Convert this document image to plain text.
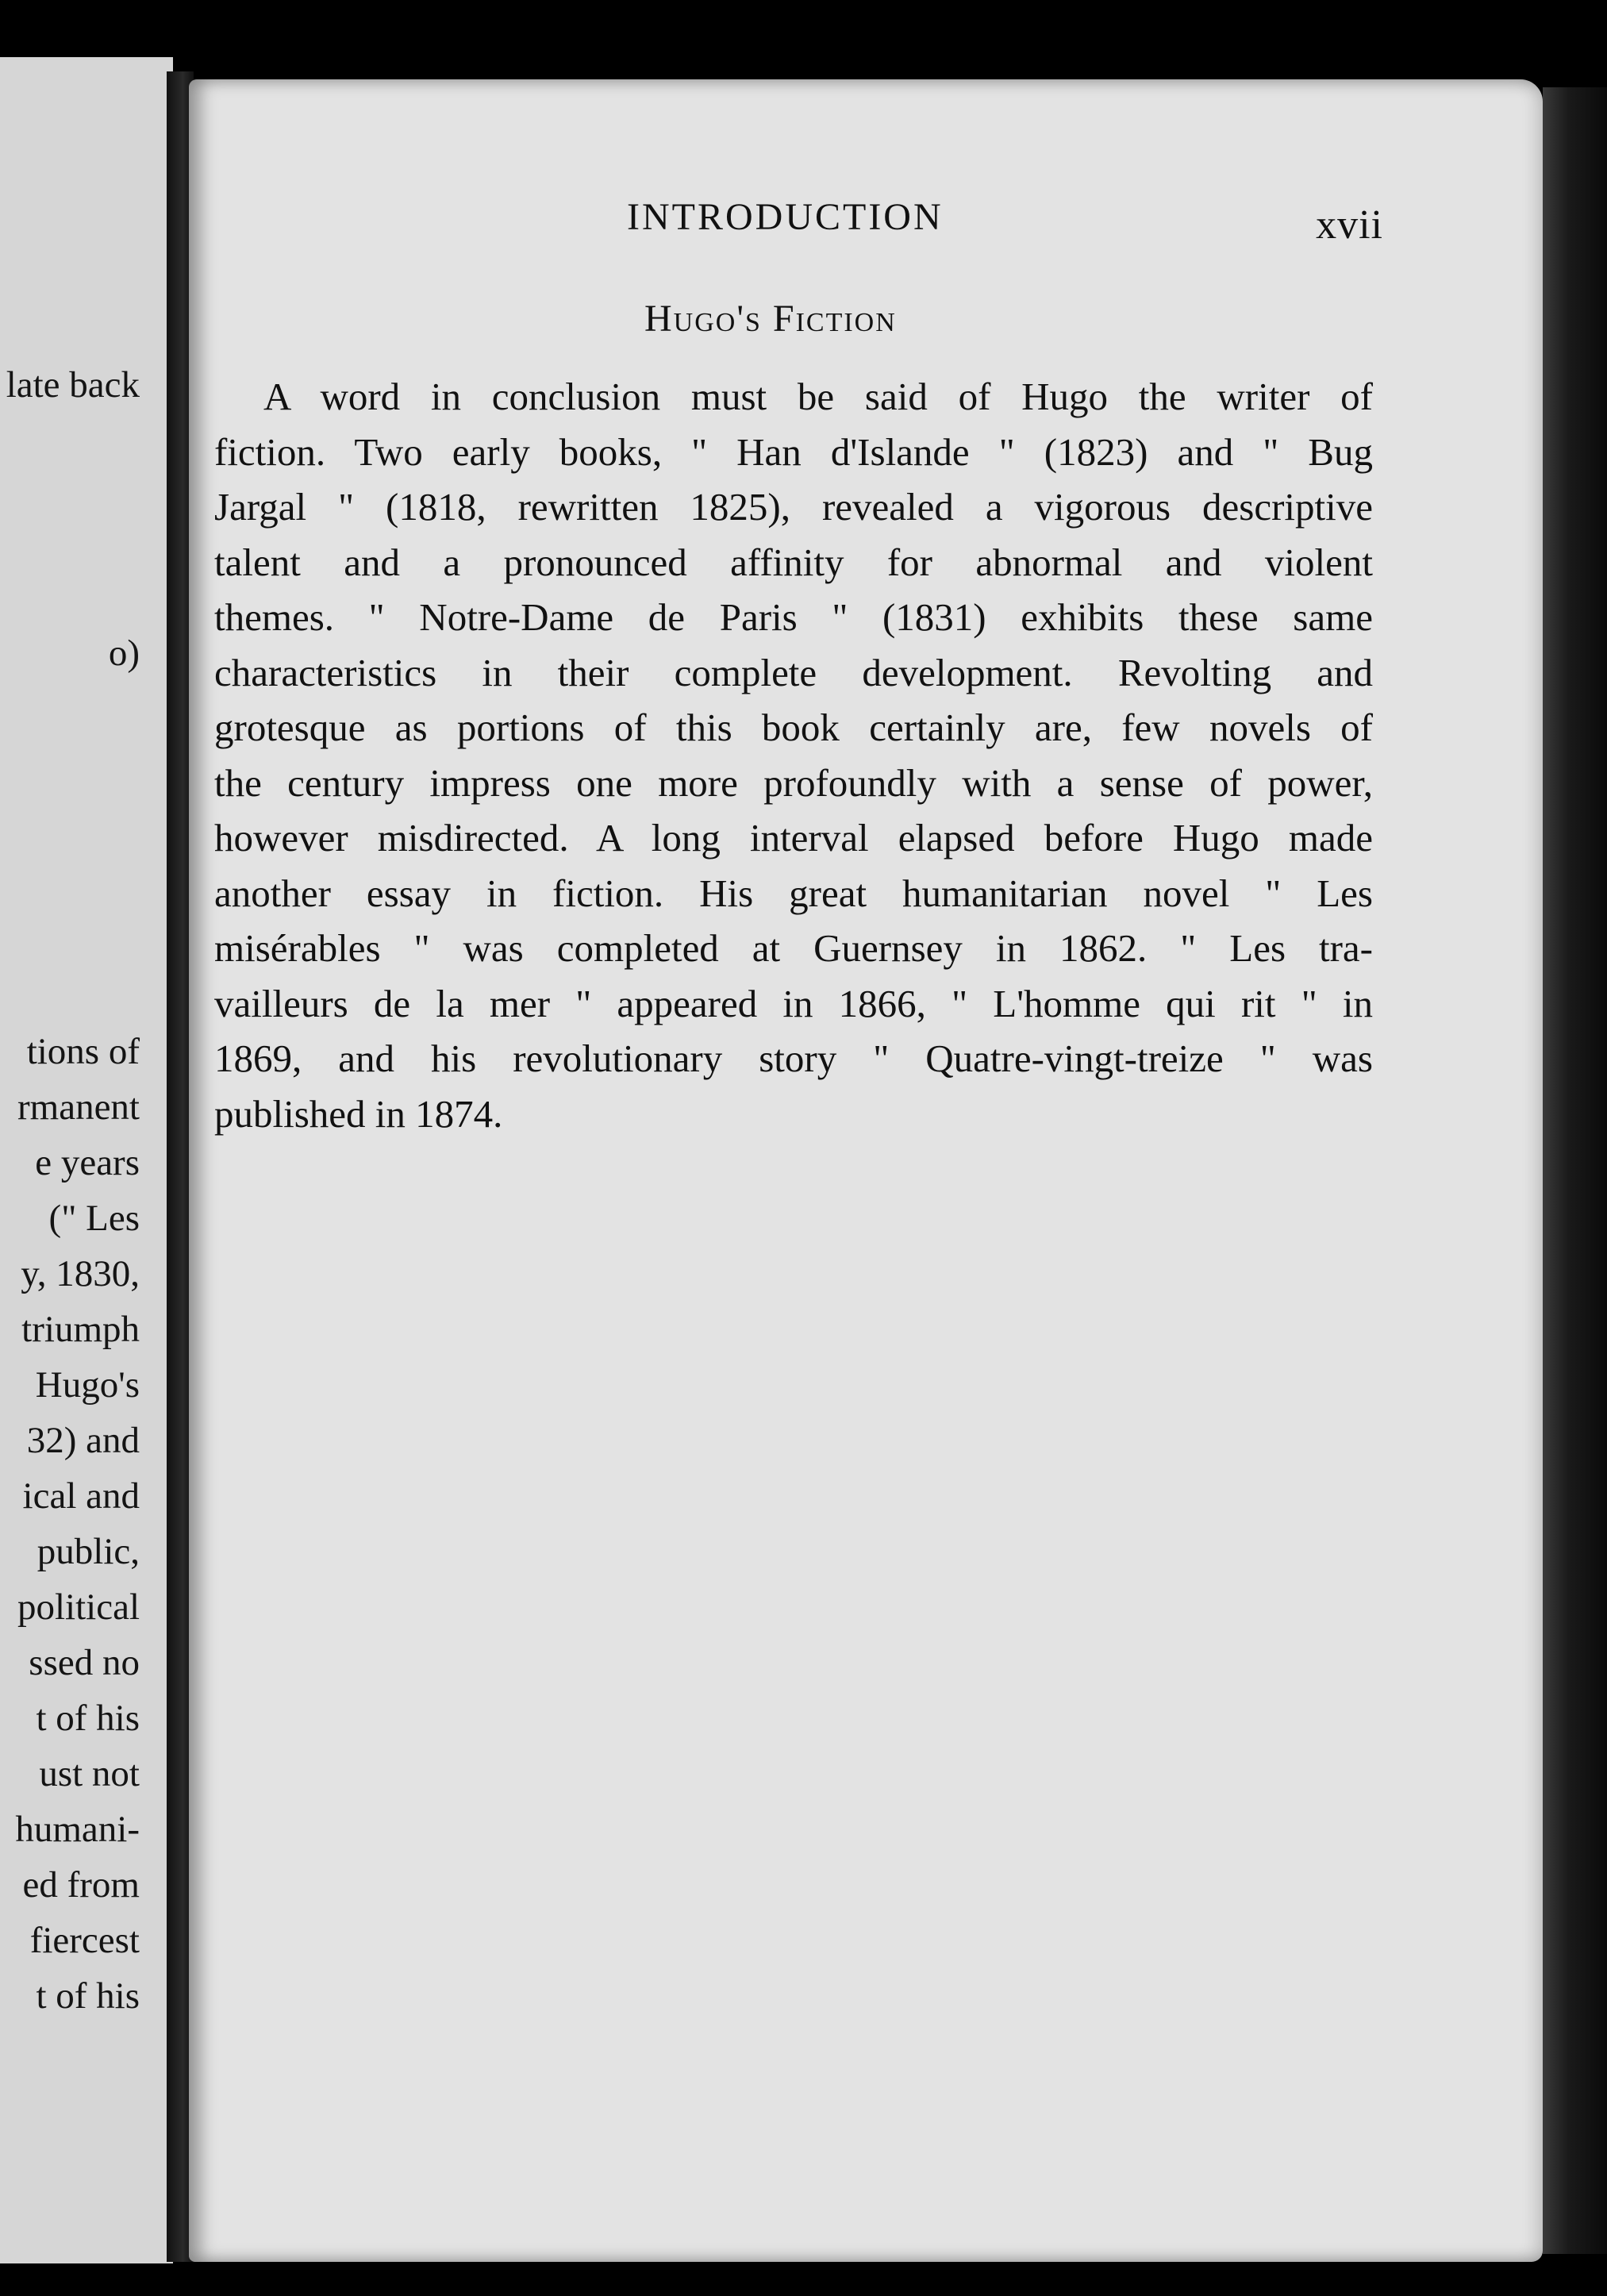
late back
o)
tions of
rmanent
e years
(" Les
y, 1830,
triumph
Hugo's
32) and
ical and
public,
political
ssed no
t of his
ust not
humani-
ed from
fiercest
t of his
INTRODUCTION	xvii
Hugo's Fiction
A word in conclusion must be said of Hugo the writer of
fiction. Two early books, " Han d'Islande " (1823) and " Bug
Jargal " (1818, rewritten 1825), revealed a vigorous descriptive
talent and a pronounced affinity for abnormal and violent
themes. " Notre-Dame de Paris " (1831) exhibits these same
characteristics in their complete development. Revolting and
grotesque as portions of this book certainly are, few novels of
the century impress one more profoundly with a sense of power,
however misdirected. A long interval elapsed before Hugo made
another essay in fiction. His great humanitarian novel " Les
misérables " was completed at Guernsey in 1862. " Les tra-
vailleurs de la mer " appeared in 1866, " L'homme qui rit " in
1869, and his revolutionary story " Quatre-vingt-treize " was
published in 1874.
